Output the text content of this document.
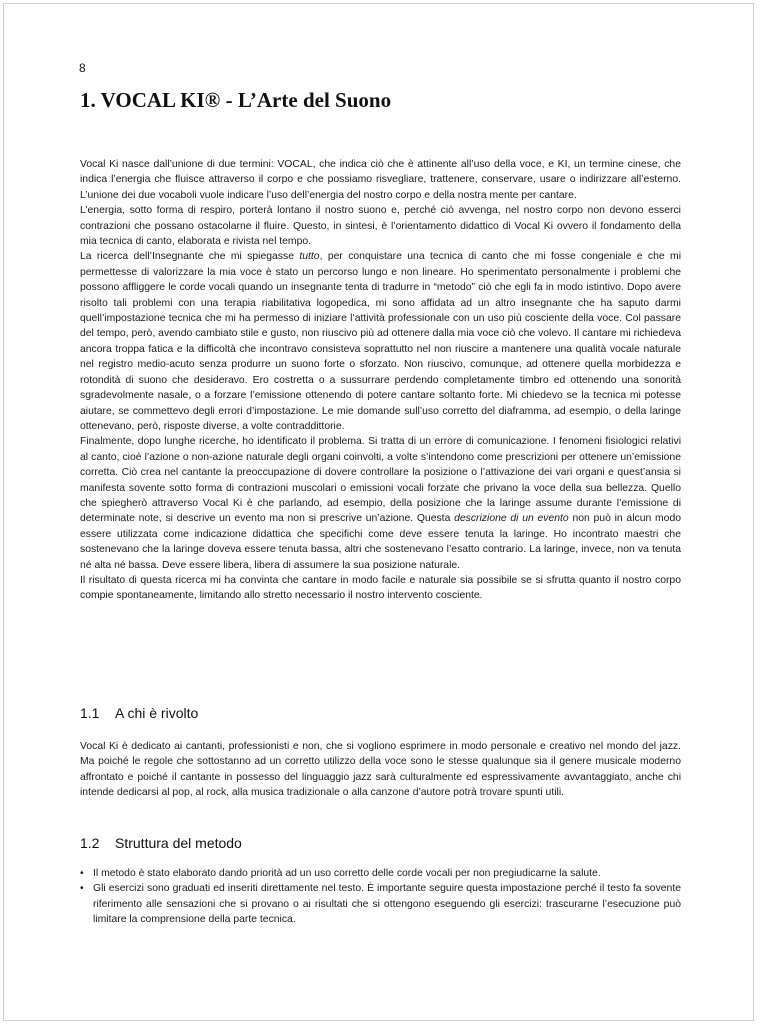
8
1. VOCAL KI® - L’Arte del Suono

Vocal Ki nasce dall’unione di due termini: VOCAL, che indica ciò che è attinente all’uso della voce, e KI, un termine cinese, che indica l’energia che fluisce attraverso il corpo e che possiamo risvegliare, trattenere, conservare, usare o indirizzare all’esterno. L’unione dei due vocaboli vuole indicare l’uso dell’energia del nostro corpo e della nostra mente per cantare.

L’energia, sotto forma di respiro, porterà lontano il nostro suono e, perché ciò avvenga, nel nostro corpo non devono esserci contrazioni che possano ostacolarne il fluire. Questo, in sintesi, è l’orientamento didattico di Vocal Ki ovvero il fondamento della mia tecnica di canto, elaborata e rivista nel tempo.

La ricerca dell’Insegnante che mi spiegasse tutto, per conquistare una tecnica di canto che mi fosse congeniale e che mi permettesse di valorizzare la mia voce è stato un percorso lungo e non lineare. Ho sperimentato personalmente i problemi che possono affliggere le corde vocali quando un insegnante tenta di tradurre in “metodo” ciò che egli fa in modo istintivo. Dopo avere risolto tali problemi con una terapia riabilitativa logopedica, mi sono affidata ad un altro insegnante che ha saputo darmi quell’impostazione tecnica che mi ha permesso di iniziare l’attività professionale con un uso più cosciente della voce. Col passare del tempo, però, avendo cambiato stile e gusto, non riuscivo più ad ottenere dalla mia voce ciò che volevo. Il cantare mi richiedeva ancora troppa fatica e la difficoltà che incontravo consisteva soprattutto nel non riuscire a mantenere una qualità vocale naturale nel registro medio-acuto senza produrre un suono forte o sforzato. Non riuscivo, comunque, ad ottenere quella morbidezza e rotondità di suono che desideravo. Ero costretta o a sussurrare perdendo completamente timbro ed ottenendo una sonorità sgradevolmente nasale, o a forzare l’emissione ottenendo di potere cantare soltanto forte. Mi chiedevo se la tecnica mi potesse aiutare, se commettevo degli errori d’impostazione. Le mie domande sull’uso corretto del diaframma, ad esempio, o della laringe ottenevano, però, risposte diverse, a volte contraddittorie.

Finalmente, dopo lunghe ricerche, ho identificato il problema. Si tratta di un errore di comunicazione. I fenomeni fisiologici relativi al canto, cioè l’azione o non-azione naturale degli organi coinvolti, a volte s’intendono come prescrizioni per ottenere un’emissione corretta. Ciò crea nel cantante la preoccupazione di dovere controllare la posizione o l’attivazione dei vari organi e quest’ansia si manifesta sovente sotto forma di contrazioni muscolari o emissioni vocali forzate che privano la voce della sua bellezza. Quello che spiegherò attraverso Vocal Ki è che parlando, ad esempio, della posizione che la laringe assume durante l’emissione di determinate note, si descrive un evento ma non si prescrive un’azione. Questa descrizione di un evento non può in alcun modo essere utilizzata come indicazione didattica che specifichi come deve essere tenuta la laringe. Ho incontrato maestri che sostenevano che la laringe doveva essere tenuta bassa, altri che sostenevano l’esatto contrario. La laringe, invece, non va tenuta né alta né bassa. Deve essere libera, libera di assumere la sua posizione naturale.

Il risultato di questa ricerca mi ha convinta che cantare in modo facile e naturale sia possibile se si sfrutta quanto il nostro corpo compie spontaneamente, limitando allo stretto necessario il nostro intervento cosciente.

1.1 A chi è rivolto

Vocal Ki è dedicato ai cantanti, professionisti e non, che si vogliono esprimere in modo personale e creativo nel mondo del jazz. Ma poiché le regole che sottostanno ad un corretto utilizzo della voce sono le stesse qualunque sia il genere musicale moderno affrontato e poiché il cantante in possesso del linguaggio jazz sarà culturalmente ed espressivamente avvantaggiato, anche chi intende dedicarsi al pop, al rock, alla musica tradizionale o alla canzone d’autore potrà trovare spunti utili.

1.2 Struttura del metodo
• Il metodo è stato elaborato dando priorità ad un uso corretto delle corde vocali per non pregiudicarne la salute.
• Gli esercizi sono graduati ed inseriti direttamente nel testo. È importante seguire questa impostazione perché il testo fa sovente riferimento alle sensazioni che si provano o ai risultati che si ottengono eseguendo gli esercizi: trascurarne l’esecuzione può limitare la comprensione della parte tecnica.
